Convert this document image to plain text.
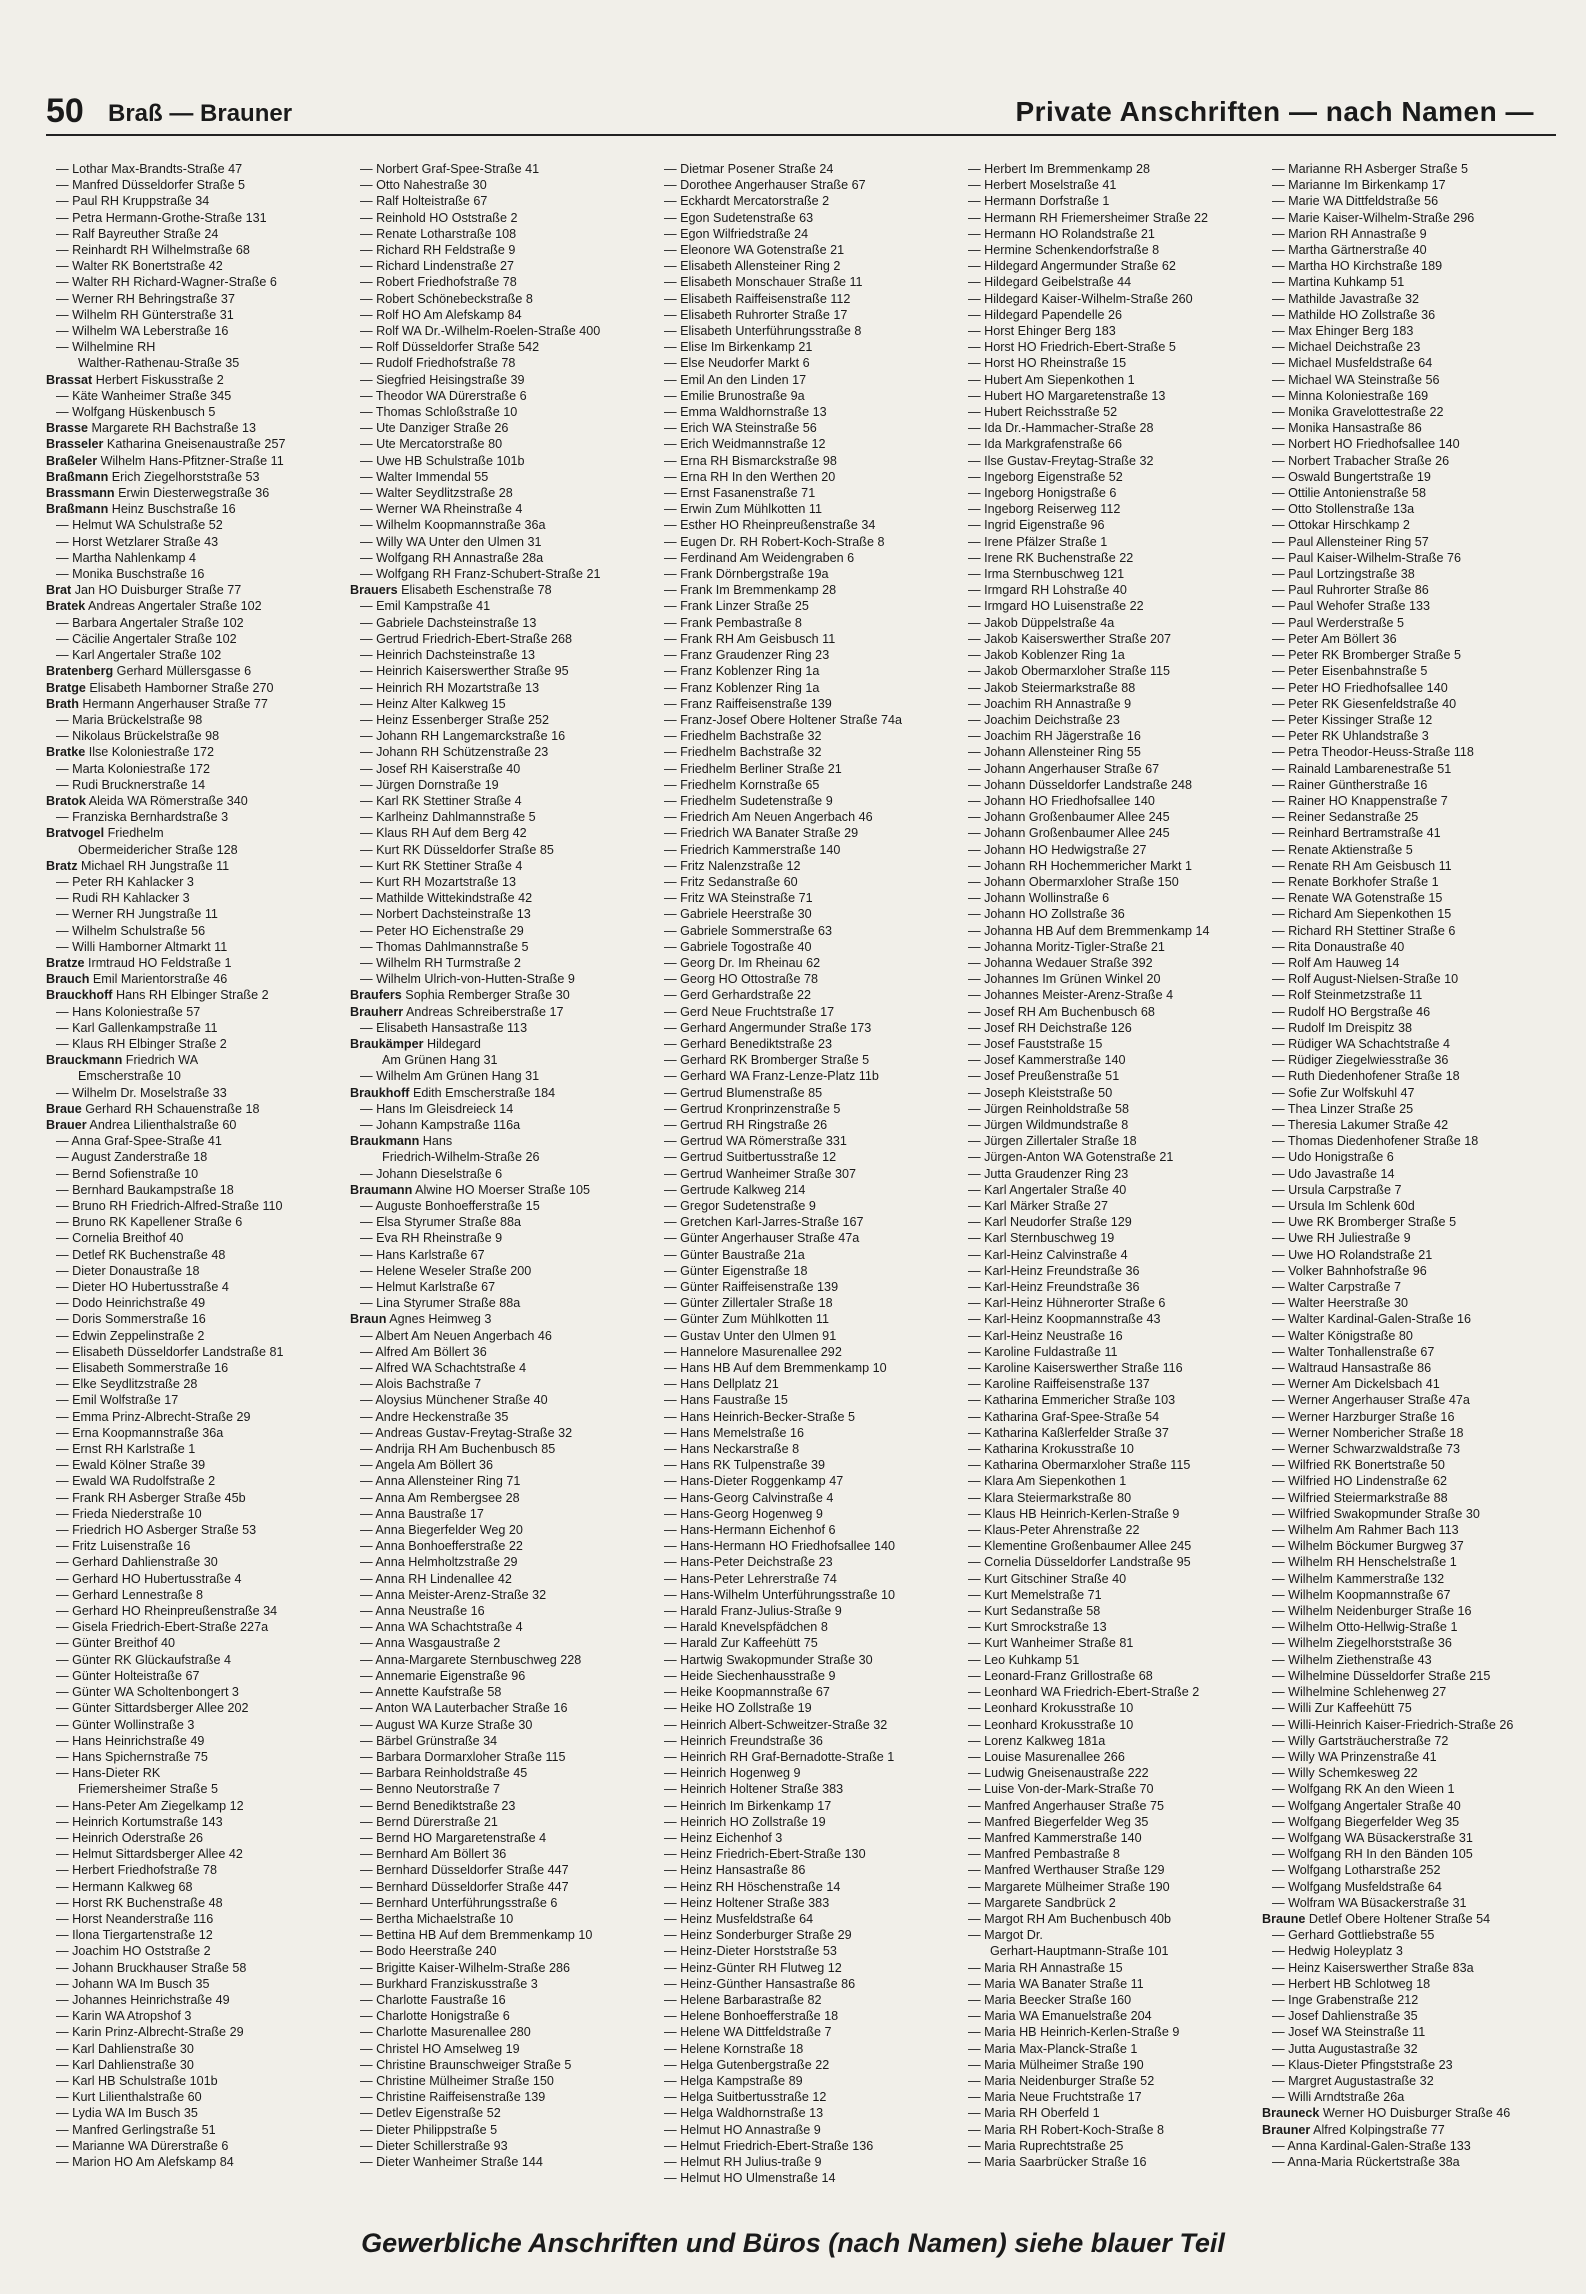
50 Braß — Brauner	Private Anschriften — nach Namen —
— Lothar Max-Brandts-Straße 47
— Manfred Düsseldorfer Straße 5
— Paul RH Kruppstraße 34
— Petra Hermann-Grothe-Straße 131
— Ralf Bayreuther Straße 24
— Reinhardt RH Wilhelmstraße 68
— Walter RK Bonertstraße 42
— Walter RH Richard-Wagner-Straße 6
— Werner RH Behringstraße 37
— Wilhelm RH Günterstraße 31
— Wilhelm WA Leberstraße 16
— Wilhelmine RH
Walther-Rathenau-Straße 35
Brassat Herbert Fiskusstraße 2
— Käte Wanheimer Straße 345
— Wolfgang Hüskenbusch 5
Brasse Margarete RH Bachstraße 13
Brasseler Katharina Gneisenaustraße 257
Braßeler Wilhelm Hans-Pfitzner-Straße 11
Braßmann Erich Ziegelhorststraße 53
Brassmann Erwin Diesterwegstraße 36
Braßmann Heinz Buschstraße 16
— Helmut WA Schulstraße 52
— Horst Wetzlarer Straße 43
— Martha Nahlenkamp 4
— Monika Buschstraße 16
Brat Jan HO Duisburger Straße 77
Bratek Andreas Angertaler Straße 102
— Barbara Angertaler Straße 102
— Cäcilie Angertaler Straße 102
— Karl Angertaler Straße 102
Bratenberg Gerhard Müllersgasse 6
Bratge Elisabeth Hamborner Straße 270
Brath Hermann Angerhauser Straße 77
— Maria Brückelstraße 98
— Nikolaus Brückelstraße 98
Bratke Ilse Koloniestraße 172
— Marta Koloniestraße 172
— Rudi Brucknerstraße 14
Bratok Aleida WA Römerstraße 340
— Franziska Bernhardstraße 3
Bratvogel Friedhelm
Obermeidericher Straße 128
Bratz Michael RH Jungstraße 11
— Peter RH Kahlacker 3
— Rudi RH Kahlacker 3
— Werner RH Jungstraße 11
— Wilhelm Schulstraße 56
— Willi Hamborner Altmarkt 11
Bratze Irmtraud HO Feldstraße 1
Brauch Emil Marientorstraße 46
Brauckhoff Hans RH Elbinger Straße 2
— Hans Koloniestraße 57
— Karl Gallenkampstraße 11
— Klaus RH Elbinger Straße 2
Brauckmann Friedrich WA
Emscherstraße 10
— Wilhelm Dr. Moselstraße 33
Braue Gerhard RH Schauenstraße 18
Brauer Andrea Lilienthalstraße 60
— Anna Graf-Spee-Straße 41
— August Zanderstraße 18
— Bernd Sofienstraße 10
— Bernhard Baukampstraße 18
— Bruno RH Friedrich-Alfred-Straße 110
— Bruno RK Kapellener Straße 6
— Cornelia Breithof 40
— Detlef RK Buchenstraße 48
— Dieter Donaustraße 18
— Dieter HO Hubertusstraße 4
— Dodo Heinrichstraße 49
— Doris Sommerstraße 16
— Edwin Zeppelinstraße 2
— Elisabeth Düsseldorfer Landstraße 81
— Elisabeth Sommerstraße 16
— Elke Seydlitzstraße 28
— Emil Wolfstraße 17
— Emma Prinz-Albrecht-Straße 29
— Erna Koopmannstraße 36a
— Ernst RH Karlstraße 1
— Ewald Kölner Straße 39
— Ewald WA Rudolfstraße 2
— Frank RH Asberger Straße 45b
— Frieda Niederstraße 10
— Friedrich HO Asberger Straße 53
— Fritz Luisenstraße 16
— Gerhard Dahlienstraße 30
— Gerhard HO Hubertusstraße 4
— Gerhard Lennestraße 8
— Gerhard HO Rheinpreußenstraße 34
— Gisela Friedrich-Ebert-Straße 227a
— Günter Breithof 40
— Günter RK Glückaufstraße 4
— Günter Holteistraße 67
— Günter WA Scholtenbongert 3
— Günter Sittardsberger Allee 202
— Günter Wollinstraße 3
— Hans Heinrichstraße 49
— Hans Spichernstraße 75
— Hans-Dieter RK
Friemersheimer Straße 5
— Hans-Peter Am Ziegelkamp 12
— Heinrich Kortumstraße 143
— Heinrich Oderstraße 26
— Helmut Sittardsberger Allee 42
— Herbert Friedhofstraße 78
— Hermann Kalkweg 68
— Horst RK Buchenstraße 48
— Horst Neanderstraße 116
— Ilona Tiergartenstraße 12
— Joachim HO Oststraße 2
— Johann Bruckhauser Straße 58
— Johann WA Im Busch 35
— Johannes Heinrichstraße 49
— Karin WA Atropshof 3
— Karin Prinz-Albrecht-Straße 29
— Karl Dahlienstraße 30
— Karl Dahlienstraße 30
— Karl HB Schulstraße 101b
— Kurt Lilienthalstraße 60
— Lydia WA Im Busch 35
— Manfred Gerlingstraße 51
— Marianne WA Dürerstraße 6
— Marion HO Am Alefskamp 84
— Norbert Graf-Spee-Straße 41
— Otto Nahestraße 30
— Ralf Holteistraße 67
— Reinhold HO Oststraße 2
— Renate Lotharstraße 108
— Richard RH Feldstraße 9
— Richard Lindenstraße 27
— Robert Friedhofstraße 78
— Robert Schönebeckstraße 8
— Rolf HO Am Alefskamp 84
— Rolf WA Dr.-Wilhelm-Roelen-Straße 400
— Rolf Düsseldorfer Straße 542
— Rudolf Friedhofstraße 78
— Siegfried Heisingstraße 39
— Theodor WA Dürerstraße 6
— Thomas Schloßstraße 10
— Ute Danziger Straße 26
— Ute Mercatorstraße 80
— Uwe HB Schulstraße 101b
— Walter Immendal 55
— Walter Seydlitzstraße 28
— Werner WA Rheinstraße 4
— Wilhelm Koopmannstraße 36a
— Willy WA Unter den Ulmen 31
— Wolfgang RH Annastraße 28a
— Wolfgang RH Franz-Schubert-Straße 21
Brauers Elisabeth Eschenstraße 78
— Emil Kampstraße 41
— Gabriele Dachsteinstraße 13
— Gertrud Friedrich-Ebert-Straße 268
— Heinrich Dachsteinstraße 13
— Heinrich Kaiserswerther Straße 95
— Heinrich RH Mozartstraße 13
— Heinz Alter Kalkweg 15
— Heinz Essenberger Straße 252
— Johann RH Langemarckstraße 16
— Johann RH Schützenstraße 23
— Josef RH Kaiserstraße 40
— Jürgen Dornstraße 19
— Karl RK Stettiner Straße 4
— Karlheinz Dahlmannstraße 5
— Klaus RH Auf dem Berg 42
— Kurt RK Düsseldorfer Straße 85
— Kurt RK Stettiner Straße 4
— Kurt RH Mozartstraße 13
— Mathilde Wittekindstraße 42
— Norbert Dachsteinstraße 13
— Peter HO Eichenstraße 29
— Thomas Dahlmannstraße 5
— Wilhelm RH Turmstraße 2
— Wilhelm Ulrich-von-Hutten-Straße 9
Braufers Sophia Remberger Straße 30
Brauherr Andreas Schreiberstraße 17
— Elisabeth Hansastraße 113
Braukämper Hildegard
Am Grünen Hang 31
— Wilhelm Am Grünen Hang 31
Braukhoff Edith Emscherstraße 184
— Hans Im Gleisdreieck 14
— Johann Kampstraße 116a
Braukmann Hans
Friedrich-Wilhelm-Straße 26
— Johann Dieselstraße 6
Braumann Alwine HO Moerser Straße 105
— Auguste Bonhoefferstraße 15
— Elsa Styrumer Straße 88a
— Eva RH Rheinstraße 9
— Hans Karlstraße 67
— Helene Weseler Straße 200
— Helmut Karlstraße 67
— Lina Styrumer Straße 88a
Braun Agnes Heimweg 3
— Albert Am Neuen Angerbach 46
— Alfred Am Böllert 36
— Alfred WA Schachtstraße 4
— Alois Bachstraße 7
— Aloysius Münchener Straße 40
— Andre Heckenstraße 35
— Andreas Gustav-Freytag-Straße 32
— Andrija RH Am Buchenbusch 85
— Angela Am Böllert 36
— Anna Allensteiner Ring 71
— Anna Am Rembergsee 28
— Anna Baustraße 17
— Anna Biegerfelder Weg 20
— Anna Bonhoefferstraße 22
— Anna Helmholtzstraße 29
— Anna RH Lindenallee 42
— Anna Meister-Arenz-Straße 32
— Anna Neustraße 16
— Anna WA Schachtstraße 4
— Anna Wasgaustraße 2
— Anna-Margarete Sternbuschweg 228
— Annemarie Eigenstraße 96
— Annette Kaufstraße 58
— Anton WA Lauterbacher Straße 16
— August WA Kurze Straße 30
— Bärbel Grünstraße 34
— Barbara Dormarxloher Straße 115
— Barbara Reinholdstraße 45
— Benno Neutorstraße 7
— Bernd Benediktstraße 23
— Bernd Dürerstraße 21
— Bernd HO Margaretenstraße 4
— Bernhard Am Böllert 36
— Bernhard Düsseldorfer Straße 447
— Bernhard Düsseldorfer Straße 447
— Bernhard Unterführungsstraße 6
— Bertha Michaelstraße 10
— Bettina HB Auf dem Bremmenkamp 10
— Bodo Heerstraße 240
— Brigitte Kaiser-Wilhelm-Straße 286
— Burkhard Franziskusstraße 3
— Charlotte Faustraße 16
— Charlotte Honigstraße 6
— Charlotte Masurenallee 280
— Christel HO Amselweg 19
— Christine Braunschweiger Straße 5
— Christine Mülheimer Straße 150
— Christine Raiffeisenstraße 139
— Detlev Eigenstraße 52
— Dieter Philippstraße 5
— Dieter Schillerstraße 93
— Dieter Wanheimer Straße 144
— Dietmar Posener Straße 24
— Dorothee Angerhauser Straße 67
— Eckhardt Mercatorstraße 2
— Egon Sudetenstraße 63
— Egon Wilfriedstraße 24
— Eleonore WA Gotenstraße 21
— Elisabeth Allensteiner Ring 2
— Elisabeth Monschauer Straße 11
— Elisabeth Raiffeisenstraße 112
— Elisabeth Ruhrorter Straße 17
— Elisabeth Unterführungsstraße 8
— Elise Im Birkenkamp 21
— Else Neudorfer Markt 6
— Emil An den Linden 17
— Emilie Brunostraße 9a
— Emma Waldhornstraße 13
— Erich WA Steinstraße 56
— Erich Weidmannstraße 12
— Erna RH Bismarckstraße 98
— Erna RH In den Werthen 20
— Ernst Fasanenstraße 71
— Erwin Zum Mühlkotten 11
— Esther HO Rheinpreußenstraße 34
— Eugen Dr. RH Robert-Koch-Straße 8
— Ferdinand Am Weidengraben 6
— Frank Dörnbergstraße 19a
— Frank Im Bremmenkamp 28
— Frank Linzer Straße 25
— Frank Pembastraße 8
— Frank RH Am Geisbusch 11
— Franz Graudenzer Ring 23
— Franz Koblenzer Ring 1a
— Franz Koblenzer Ring 1a
— Franz Raiffeisenstraße 139
— Franz-Josef Obere Holtener Straße 74a
— Friedhelm Bachstraße 32
— Friedhelm Bachstraße 32
— Friedhelm Berliner Straße 21
— Friedhelm Kornstraße 65
— Friedhelm Sudetenstraße 9
— Friedrich Am Neuen Angerbach 46
— Friedrich WA Banater Straße 29
— Friedrich Kammerstraße 140
— Fritz Nalenzstraße 12
— Fritz Sedanstraße 60
— Fritz WA Steinstraße 71
— Gabriele Heerstraße 30
— Gabriele Sommerstraße 63
— Gabriele Togostraße 40
— Georg Dr. Im Rheinau 62
— Georg HO Ottostraße 78
— Gerd Gerhardstraße 22
— Gerd Neue Fruchtstraße 17
— Gerhard Angermunder Straße 173
— Gerhard Benediktstraße 23
— Gerhard RK Bromberger Straße 5
— Gerhard WA Franz-Lenze-Platz 11b
— Gertrud Blumenstraße 85
— Gertrud Kronprinzenstraße 5
— Gertrud RH Ringstraße 26
— Gertrud WA Römerstraße 331
— Gertrud Suitbertusstraße 12
— Gertrud Wanheimer Straße 307
— Gertrude Kalkweg 214
— Gregor Sudetenstraße 9
— Gretchen Karl-Jarres-Straße 167
— Günter Angerhauser Straße 47a
— Günter Baustraße 21a
— Günter Eigenstraße 18
— Günter Raiffeisenstraße 139
— Günter Zillertaler Straße 18
— Günter Zum Mühlkotten 11
— Gustav Unter den Ulmen 91
— Hannelore Masurenallee 292
— Hans HB Auf dem Bremmenkamp 10
— Hans Dellplatz 21
— Hans Faustraße 15
— Hans Heinrich-Becker-Straße 5
— Hans Memelstraße 16
— Hans Neckarstraße 8
— Hans RK Tulpenstraße 39
— Hans-Dieter Roggenkamp 47
— Hans-Georg Calvinstraße 4
— Hans-Georg Hogenweg 9
— Hans-Hermann Eichenhof 6
— Hans-Hermann HO Friedhofsallee 140
— Hans-Peter Deichstraße 23
— Hans-Peter Lehrerstraße 74
— Hans-Wilhelm Unterführungsstraße 10
— Harald Franz-Julius-Straße 9
— Harald Knevelspfädchen 8
— Harald Zur Kaffeehütt 75
— Hartwig Swakopmunder Straße 30
— Heide Siechenhausstraße 9
— Heike Koopmannstraße 67
— Heike HO Zollstraße 19
— Heinrich Albert-Schweitzer-Straße 32
— Heinrich Freundstraße 36
— Heinrich RH Graf-Bernadotte-Straße 1
— Heinrich Hogenweg 9
— Heinrich Holtener Straße 383
— Heinrich Im Birkenkamp 17
— Heinrich HO Zollstraße 19
— Heinz Eichenhof 3
— Heinz Friedrich-Ebert-Straße 130
— Heinz Hansastraße 86
— Heinz RH Höschenstraße 14
— Heinz Holtener Straße 383
— Heinz Musfeldstraße 64
— Heinz Sonderburger Straße 29
— Heinz-Dieter Horststraße 53
— Heinz-Günter RH Flutweg 12
— Heinz-Günther Hansastraße 86
— Helene Barbarastraße 82
— Helene Bonhoefferstraße 18
— Helene WA Dittfeldstraße 7
— Helene Kornstraße 18
— Helga Gutenbergstraße 22
— Helga Kampstraße 89
— Helga Suitbertusstraße 12
— Helga Waldhornstraße 13
— Helmut HO Annastraße 9
— Helmut Friedrich-Ebert-Straße 136
— Helmut RH Julius-traße 9
— Helmut HO Ulmenstraße 14
— Herbert Im Bremmenkamp 28
— Herbert Moselstraße 41
— Hermann Dorfstraße 1
— Hermann RH Friemersheimer Straße 22
— Hermann HO Rolandstraße 21
— Hermine Schenkendorfstraße 8
— Hildegard Angermunder Straße 62
— Hildegard Geibelstraße 44
— Hildegard Kaiser-Wilhelm-Straße 260
— Hildegard Papendelle 26
— Horst Ehinger Berg 183
— Horst HO Friedrich-Ebert-Straße 5
— Horst HO Rheinstraße 15
— Hubert Am Siepenkothen 1
— Hubert HO Margaretenstraße 13
— Hubert Reichsstraße 52
— Ida Dr.-Hammacher-Straße 28
— Ida Markgrafenstraße 66
— Ilse Gustav-Freytag-Straße 32
— Ingeborg Eigenstraße 52
— Ingeborg Honigstraße 6
— Ingeborg Reiserweg 112
— Ingrid Eigenstraße 96
— Irene Pfälzer Straße 1
— Irene RK Buchenstraße 22
— Irma Sternbuschweg 121
— Irmgard RH Lohstraße 40
— Irmgard HO Luisenstraße 22
— Jakob Düppelstraße 4a
— Jakob Kaiserswerther Straße 207
— Jakob Koblenzer Ring 1a
— Jakob Obermarxloher Straße 115
— Jakob Steiermarkstraße 88
— Joachim RH Annastraße 9
— Joachim Deichstraße 23
— Joachim RH Jägerstraße 16
— Johann Allensteiner Ring 55
— Johann Angerhauser Straße 67
— Johann Düsseldorfer Landstraße 248
— Johann HO Friedhofsallee 140
— Johann Großenbaumer Allee 245
— Johann Großenbaumer Allee 245
— Johann HO Hedwigstraße 27
— Johann RH Hochemmericher Markt 1
— Johann Obermarxloher Straße 150
— Johann Wollinstraße 6
— Johann HO Zollstraße 36
— Johanna HB Auf dem Bremmenkamp 14
— Johanna Moritz-Tigler-Straße 21
— Johanna Wedauer Straße 392
— Johannes Im Grünen Winkel 20
— Johannes Meister-Arenz-Straße 4
— Josef RH Am Buchenbusch 68
— Josef RH Deichstraße 126
— Josef Fauststraße 15
— Josef Kammerstraße 140
— Josef Preußenstraße 51
— Joseph Kleiststraße 50
— Jürgen Reinholdstraße 58
— Jürgen Wildmundstraße 8
— Jürgen Zillertaler Straße 18
— Jürgen-Anton WA Gotenstraße 21
— Jutta Graudenzer Ring 23
— Karl Angertaler Straße 40
— Karl Märker Straße 27
— Karl Neudorfer Straße 129
— Karl Sternbuschweg 19
— Karl-Heinz Calvinstraße 4
— Karl-Heinz Freundstraße 36
— Karl-Heinz Freundstraße 36
— Karl-Heinz Hühnerorter Straße 6
— Karl-Heinz Koopmannstraße 43
— Karl-Heinz Neustraße 16
— Karoline Fuldastraße 11
— Karoline Kaiserswerther Straße 116
— Karoline Raiffeisenstraße 137
— Katharina Emmericher Straße 103
— Katharina Graf-Spee-Straße 54
— Katharina Kaßlerfelder Straße 37
— Katharina Krokusstraße 10
— Katharina Obermarxloher Straße 115
— Klara Am Siepenkothen 1
— Klara Steiermarkstraße 80
— Klaus HB Heinrich-Kerlen-Straße 9
— Klaus-Peter Ahrenstraße 22
— Klementine Großenbaumer Allee 245
— Cornelia Düsseldorfer Landstraße 95
— Kurt Gitschiner Straße 40
— Kurt Memelstraße 71
— Kurt Sedanstraße 58
— Kurt Smrockstraße 13
— Kurt Wanheimer Straße 81
— Leo Kuhkamp 51
— Leonard-Franz Grillostraße 68
— Leonhard WA Friedrich-Ebert-Straße 2
— Leonhard Krokusstraße 10
— Leonhard Krokusstraße 10
— Lorenz Kalkweg 181a
— Louise Masurenallee 266
— Ludwig Gneisenaustraße 222
— Luise Von-der-Mark-Straße 70
— Manfred Angerhauser Straße 75
— Manfred Biegerfelder Weg 35
— Manfred Kammerstraße 140
— Manfred Pembastraße 8
— Manfred Werthauser Straße 129
— Margarete Mülheimer Straße 190
— Margarete Sandbrück 2
— Margot RH Am Buchenbusch 40b
— Margot Dr.
Gerhart-Hauptmann-Straße 101
— Maria RH Annastraße 15
— Maria WA Banater Straße 11
— Maria Beecker Straße 160
— Maria WA Emanuelstraße 204
— Maria HB Heinrich-Kerlen-Straße 9
— Maria Max-Planck-Straße 1
— Maria Mülheimer Straße 190
— Maria Neidenburger Straße 52
— Maria Neue Fruchtstraße 17
— Maria RH Oberfeld 1
— Maria RH Robert-Koch-Straße 8
— Maria Ruprechtstraße 25
— Maria Saarbrücker Straße 16
— Marianne RH Asberger Straße 5
— Marianne Im Birkenkamp 17
— Marie WA Dittfeldstraße 56
— Marie Kaiser-Wilhelm-Straße 296
— Marion RH Annastraße 9
— Martha Gärtnerstraße 40
— Martha HO Kirchstraße 189
— Martina Kuhkamp 51
— Mathilde Javastraße 32
— Mathilde HO Zollstraße 36
— Max Ehinger Berg 183
— Michael Deichstraße 23
— Michael Musfeldstraße 64
— Michael WA Steinstraße 56
— Minna Koloniestraße 169
— Monika Gravelottestraße 22
— Monika Hansastraße 86
— Norbert HO Friedhofsallee 140
— Norbert Trabacher Straße 26
— Oswald Bungertstraße 19
— Ottilie Antonienstraße 58
— Otto Stollenstraße 13a
— Ottokar Hirschkamp 2
— Paul Allensteiner Ring 57
— Paul Kaiser-Wilhelm-Straße 76
— Paul Lortzingstraße 38
— Paul Ruhrorter Straße 86
— Paul Wehofer Straße 133
— Paul Werderstraße 5
— Peter Am Böllert 36
— Peter RK Bromberger Straße 5
— Peter Eisenbahnstraße 5
— Peter HO Friedhofsallee 140
— Peter RK Giesenfeldstraße 40
— Peter Kissinger Straße 12
— Peter RK Uhlandstraße 3
— Petra Theodor-Heuss-Straße 118
— Rainald Lambarenestraße 51
— Rainer Güntherstraße 16
— Rainer HO Knappenstraße 7
— Reiner Sedanstraße 25
— Reinhard Bertramstraße 41
— Renate Aktienstraße 5
— Renate RH Am Geisbusch 11
— Renate Borkhofer Straße 1
— Renate WA Gotenstraße 15
— Richard Am Siepenkothen 15
— Richard RH Stettiner Straße 6
— Rita Donaustraße 40
— Rolf Am Hauweg 14
— Rolf August-Nielsen-Straße 10
— Rolf Steinmetzstraße 11
— Rudolf HO Bergstraße 46
— Rudolf Im Dreispitz 38
— Rüdiger WA Schachtstraße 4
— Rüdiger Ziegelwiesstraße 36
— Ruth Diedenhofener Straße 18
— Sofie Zur Wolfskuhl 47
— Thea Linzer Straße 25
— Theresia Lakumer Straße 42
— Thomas Diedenhofener Straße 18
— Udo Honigstraße 6
— Udo Javastraße 14
— Ursula Carpstraße 7
— Ursula Im Schlenk 60d
— Uwe RK Bromberger Straße 5
— Uwe RH Juliestraße 9
— Uwe HO Rolandstraße 21
— Volker Bahnhofstraße 96
— Walter Carpstraße 7
— Walter Heerstraße 30
— Walter Kardinal-Galen-Straße 16
— Walter Königstraße 80
— Walter Tonhallenstraße 67
— Waltraud Hansastraße 86
— Werner Am Dickelsbach 41
— Werner Angerhauser Straße 47a
— Werner Harzburger Straße 16
— Werner Nombericher Straße 18
— Werner Schwarzwaldstraße 73
— Wilfried RK Bonertstraße 50
— Wilfried HO Lindenstraße 62
— Wilfried Steiermarkstraße 88
— Wilfried Swakopmunder Straße 30
— Wilhelm Am Rahmer Bach 113
— Wilhelm Böckumer Burgweg 37
— Wilhelm RH Henschelstraße 1
— Wilhelm Kammerstraße 132
— Wilhelm Koopmannstraße 67
— Wilhelm Neidenburger Straße 16
— Wilhelm Otto-Hellwig-Straße 1
— Wilhelm Ziegelhorststraße 36
— Wilhelm Ziethenstraße 43
— Wilhelmine Düsseldorfer Straße 215
— Wilhelmine Schlehenweg 27
— Willi Zur Kaffeehütt 75
— Willi-Heinrich Kaiser-Friedrich-Straße 26
— Willy Gartsträucherstraße 72
— Willy WA Prinzenstraße 41
— Willy Schemkesweg 22
— Wolfgang RK An den Wieen 1
— Wolfgang Angertaler Straße 40
— Wolfgang Biegerfelder Weg 35
— Wolfgang WA Büsackerstraße 31
— Wolfgang RH In den Bänden 105
— Wolfgang Lotharstraße 252
— Wolfgang Musfeldstraße 64
— Wolfram WA Büsackerstraße 31
Braune Detlef Obere Holtener Straße 54
— Gerhard Gottliebstraße 55
— Hedwig Holeyplatz 3
— Heinz Kaiserswerther Straße 83a
— Herbert HB Schlotweg 18
— Inge Grabenstraße 212
— Josef Dahlienstraße 35
— Josef WA Steinstraße 11
— Jutta Augustastraße 32
— Klaus-Dieter Pfingststraße 23
— Margret Augustastraße 32
— Willi Arndtstraße 26a
Brauneck Werner HO Duisburger Straße 46
Brauner Alfred Kolpingstraße 77
— Anna Kardinal-Galen-Straße 133
— Anna-Maria Rückertstraße 38a
Gewerbliche Anschriften und Büros (nach Namen) siehe blauer Teil
